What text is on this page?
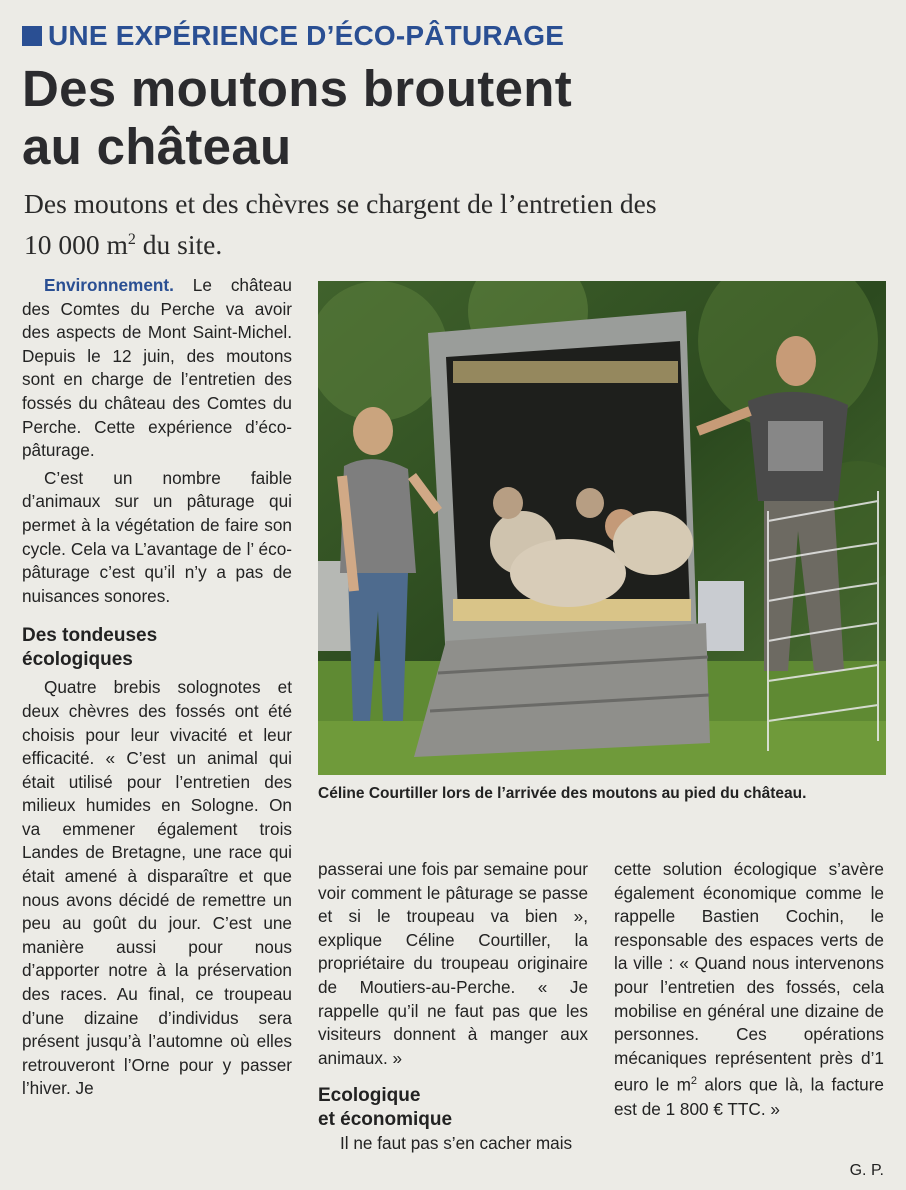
UNE EXPÉRIENCE D’ÉCO-PÂTURAGE
Des moutons broutent
au château
Des moutons et des chèvres se chargent de l’entretien des
10 000 $m^2$ du site.

Environnement. Le château des Comtes du Perche va avoir des aspects de Mont Saint-Michel. Depuis le 12 juin, des moutons sont en charge de l’entretien des fossés du château des Comtes du Perche. Cette expérience d’éco-pâturage.

C’est un nombre faible d’animaux sur un pâturage qui permet à la végétation de faire son cycle. Cela va L’avantage de l’ éco-pâturage c’est qu’il n’y a pas de nuisances sonores.

Des tondeuses
écologiques

Quatre brebis solognotes et deux chèvres des fossés ont été choisis pour leur vivacité et leur efficacité. « C’est un animal qui était utilisé pour l’entretien des milieux humides en Sologne. On va emmener également trois Landes de Bretagne, une race qui était amené à disparaître et que nous avons décidé de remettre un peu au goût du jour. C’est une manière aussi pour nous d’apporter notre à la préservation des races. Au final, ce troupeau d’une dizaine d’individus sera présent jusqu’à l’automne où elles retrouveront l’Orne pour y passer l’hiver. Je

Céline Courtiller lors de l’arrivée des moutons au pied du château.

passerai une fois par semaine pour voir comment le pâturage se passe et si le troupeau va bien », explique Céline Courtiller, la propriétaire du troupeau originaire de Moutiers-au-Perche. « Je rappelle qu’il ne faut pas que les visiteurs donnent à manger aux animaux. »

Ecologique
et économique

Il ne faut pas s’en cacher mais

cette solution écologique s’avère également économique comme le rappelle Bastien Cochin, le responsable des espaces verts de la ville : « Quand nous intervenons pour l’entretien des fossés, cela mobilise en général une dizaine de personnes. Ces opérations mécaniques représentent près d’1 euro le $m^2$ alors que là, la facture est de 1 800 € TTC. »

G. P.
